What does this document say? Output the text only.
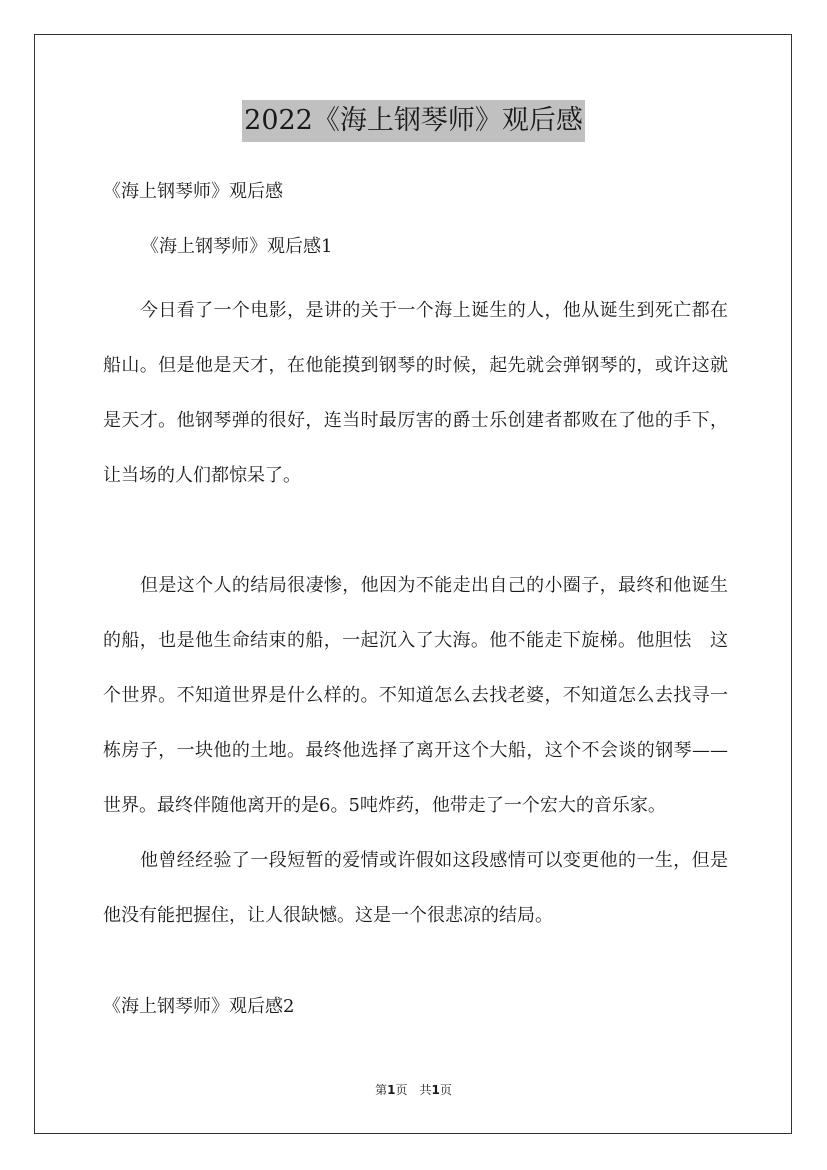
2022《海上钢琴师》观后感
《海上钢琴师》观后感
《海上钢琴师》观后感1

今日看了一个电影，是讲的关于一个海上诞生的人，他从诞生到死亡都在船山。但是他是天才，在他能摸到钢琴的时候，起先就会弹钢琴的，或许这就是天才。他钢琴弹的很好，连当时最厉害的爵士乐创建者都败在了他的手下，让当场的人们都惊呆了。

但是这个人的结局很凄惨，他因为不能走出自己的小圈子，最终和他诞生的船，也是他生命结束的船，一起沉入了大海。他不能走下旋梯。他胆怯　这个世界。不知道世界是什么样的。不知道怎么去找老婆，不知道怎么去找寻一栋房子，一块他的土地。最终他选择了离开这个大船，这个不会谈的钢琴——世界。最终伴随他离开的是6。5吨炸药，他带走了一个宏大的音乐家。

他曾经经验了一段短暂的爱情或许假如这段感情可以变更他的一生，但是他没有能把握住，让人很缺憾。这是一个很悲凉的结局。

《海上钢琴师》观后感2
第1页　共1页
